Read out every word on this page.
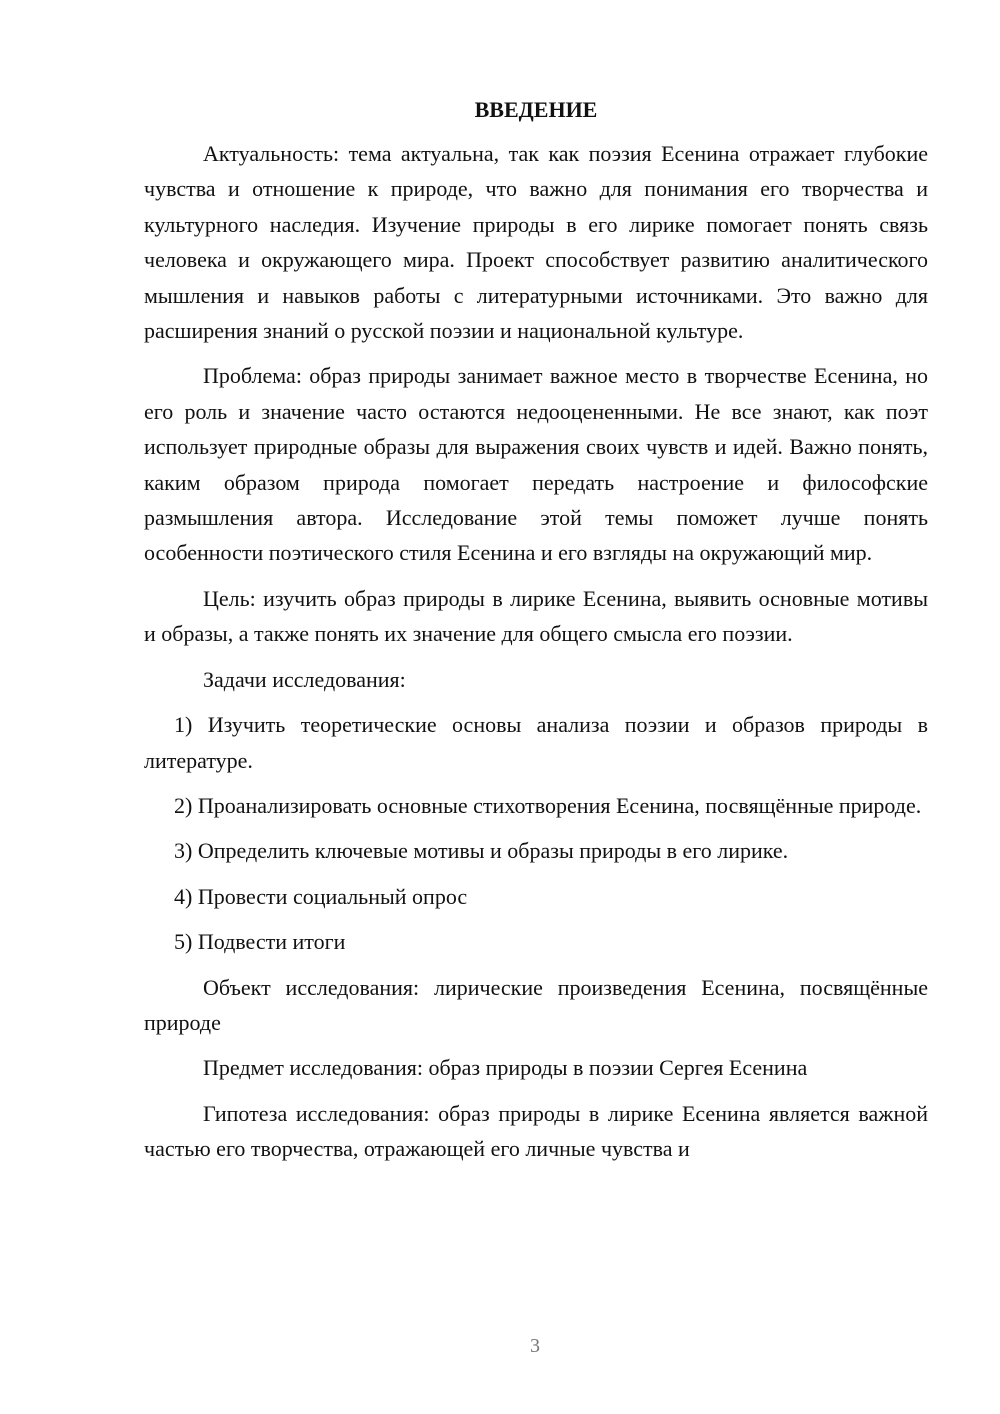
ВВЕДЕНИЕ

Актуальность: тема актуальна, так как поэзия Есенина отражает глубокие чувства и отношение к природе, что важно для понимания его творчества и культурного наследия. Изучение природы в его лирике помогает понять связь человека и окружающего мира. Проект способствует развитию аналитического мышления и навыков работы с литературными источниками. Это важно для расширения знаний о русской поэзии и национальной культуре.

Проблема: образ природы занимает важное место в творчестве Есенина, но его роль и значение часто остаются недооцененными. Не все знают, как поэт использует природные образы для выражения своих чувств и идей. Важно понять, каким образом природа помогает передать настроение и философские размышления автора. Исследование этой темы поможет лучше понять особенности поэтического стиля Есенина и его взгляды на окружающий мир.

Цель: изучить образ природы в лирике Есенина, выявить основные мотивы и образы, а также понять их значение для общего смысла его поэзии.

Задачи исследования:

1) Изучить теоретические основы анализа поэзии и образов природы в литературе.

2) Проанализировать основные стихотворения Есенина, посвящённые природе.

3) Определить ключевые мотивы и образы природы в его лирике.

4) Провести социальный опрос

5) Подвести итоги

Объект исследования: лирические произведения Есенина, посвящённые природе

Предмет исследования: образ природы в поэзии Сергея Есенина

Гипотеза исследования: образ природы в лирике Есенина является важной частью его творчества, отражающей его личные чувства и

3
